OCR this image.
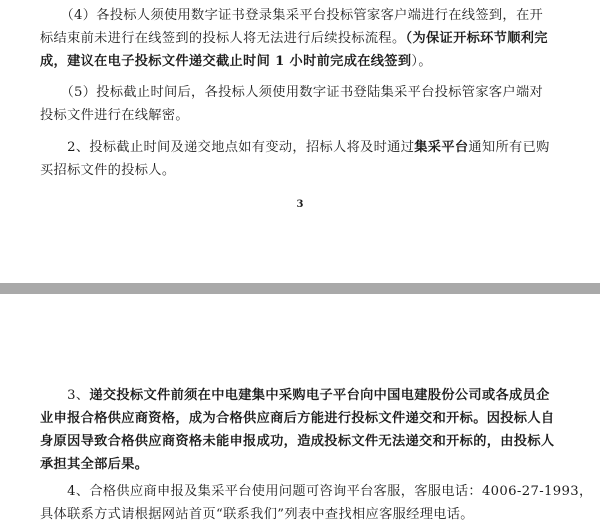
　　（4）各投标人须使用数字证书登录集采平台投标管家客户端进行在线签到，在开
标结束前未进行在线签到的投标人将无法进行后续投标流程。（为保证开标环节顺利完
成，建议在电子投标文件递交截止时间 1 小时前完成在线签到）。

　　（5）投标截止时间后，各投标人须使用数字证书登陆集采平台投标管家客户端对
投标文件进行在线解密。

　　2、投标截止时间及递交地点如有变动，招标人将及时通过集采平台通知所有已购
买招标文件的投标人。

3

　　3、递交投标文件前须在中电建集中采购电子平台向中国电建股份公司或各成员企
业申报合格供应商资格，成为合格供应商后方能进行投标文件递交和开标。因投标人自
身原因导致合格供应商资格未能申报成功，造成投标文件无法递交和开标的，由投标人
承担其全部后果。

　　4、合格供应商申报及集采平台使用问题可咨询平台客服，客服电话：4006-27-1993，
具体联系方式请根据网站首页“联系我们”列表中查找相应客服经理电话。
